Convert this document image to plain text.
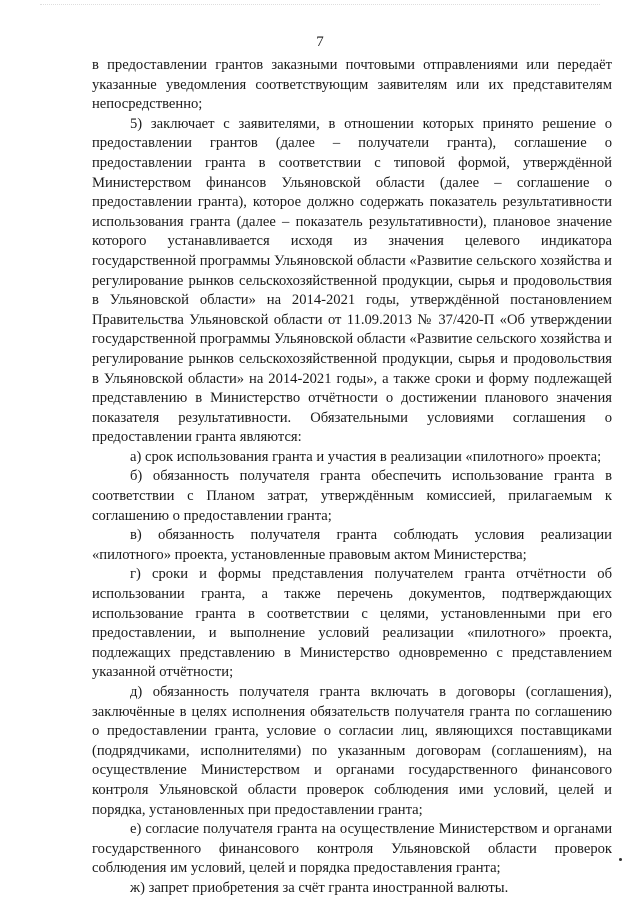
7

в предоставлении грантов заказными почтовыми отправлениями или передаёт указанные уведомления соответствующим заявителям или их представителям непосредственно;

5) заключает с заявителями, в отношении которых принято решение о предоставлении грантов (далее – получатели гранта), соглашение о предоставлении гранта в соответствии с типовой формой, утверждённой Министерством финансов Ульяновской области (далее – соглашение о предоставлении гранта), которое должно содержать показатель результативности использования гранта (далее – показатель результативности), плановое значение которого устанавливается исходя из значения целевого индикатора государственной программы Ульяновской области «Развитие сельского хозяйства и регулирование рынков сельскохозяйственной продукции, сырья и продовольствия в Ульяновской области» на 2014-2021 годы, утверждённой постановлением Правительства Ульяновской области от 11.09.2013 № 37/420-П «Об утверждении государственной программы Ульяновской области «Развитие сельского хозяйства и регулирование рынков сельскохозяйственной продукции, сырья и продовольствия в Ульяновской области» на 2014-2021 годы», а также сроки и форму подлежащей представлению в Министерство отчётности о достижении планового значения показателя результативности. Обязательными условиями соглашения о предоставлении гранта являются:

а) срок использования гранта и участия в реализации «пилотного» проекта;

б) обязанность получателя гранта обеспечить использование гранта в соответствии с Планом затрат, утверждённым комиссией, прилагаемым к соглашению о предоставлении гранта;

в) обязанность получателя гранта соблюдать условия реализации «пилотного» проекта, установленные правовым актом Министерства;

г) сроки и формы представления получателем гранта отчётности об использовании гранта, а также перечень документов, подтверждающих использование гранта в соответствии с целями, установленными при его предоставлении, и выполнение условий реализации «пилотного» проекта, подлежащих представлению в Министерство одновременно с представлением указанной отчётности;

д) обязанность получателя гранта включать в договоры (соглашения), заключённые в целях исполнения обязательств получателя гранта по соглашению о предоставлении гранта, условие о согласии лиц, являющихся поставщиками (подрядчиками, исполнителями) по указанным договорам (соглашениям), на осуществление Министерством и органами государственного финансового контроля Ульяновской области проверок соблюдения ими условий, целей и порядка, установленных при предоставлении гранта;

е) согласие получателя гранта на осуществление Министерством и органами государственного финансового контроля Ульяновской области проверок соблюдения им условий, целей и порядка предоставления гранта;

ж) запрет приобретения за счёт гранта иностранной валюты.
